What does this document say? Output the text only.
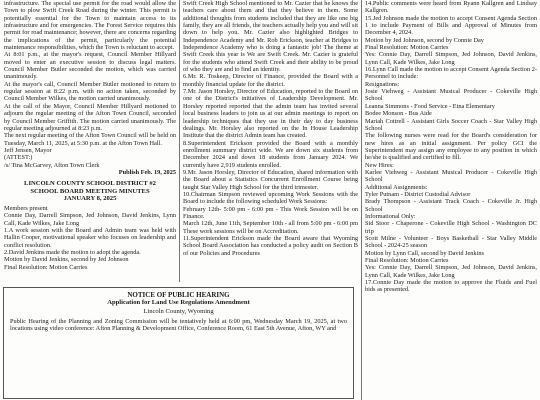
infrastructure. The special use permit for the road would allow the Town to plow Swift Creek Road during the winter. This permit is potentially essential for the Town to maintain access to its infrastructure and for emergencies. The Forest Service requires this permit for road maintenance; however, there are concerns regarding the implications of the permit, particularly the potential maintenance responsibilities, which the Town is reluctant to accept.

At 8:01 p.m., at the mayor's request, Council Member Hillyard moved to enter an executive session to discuss legal matters. Council Member Butler seconded the motion, which was carried unanimously.

At the mayor's call, Council Member Butler motioned to return to regular session at 8:22 p.m. with no action taken, seconded by Council Member Wilkes, the motion carried unanimously.

At the call of the Mayor, Council Member Hillyard motioned to adjourn the regular meeting of the Afton Town Council, seconded by Council Member Griffith. The motion carried unanimously. The regular meeting adjourned at 8:23 p.m.

The next regular meeting of the Afton Town Council will be held on Tuesday, March 11, 2025, at 5:30 p.m. at the Afton Town Hall.

Jeff Jensen, Mayor

(ATTEST:)

/s/ Tina McGarvey, Afton Town Clerk

Publish Feb. 19, 2025

LINCOLN COUNTY SCHOOL DISTRICT #2

SCHOOL BOARD MEETING MINUTES

JANUARY 8, 2025

Members present

Connie Day, Darrell Simpson, Jed Johnson, David Jenkins, Lynn Call, Kade Wilkes, Jake Long

1.A work session with the Board and Admin team was held with Hallin Cooper, motivational speaker who focuses on leadership and conflict resolution.

2.David Jenkins made the motion to adopt the agenda.

Motion by David Jenkins, second by Jed Johnson

Final Resolution: Motion Carries

Swift Creek High School mentioned to Mr. Cazier that he knows the teachers care about them and that they believe in them. Some additional thoughts from students included that they are like one big family, they are all friends, the teachers actually help you and will sit down to help you. Mr. Cazier also highlighted Bridges to Independence Academy and Mr. Rob Erickson, teacher at Bridges to Independence Academy who is doing a fantastic job! The theme at Swift Creek this year is We are Swift Creek. Mr. Cazier is grateful for the students who attend Swift Creek and their ability to be proud of who they are and to find an identity.

6.Mr. R. Toskeep, Director of Finance, provided the Board with a monthly financial update for the district.

7.Mr. Jason Horsley, Director of Education, reported to the Board on one of the District's initiatives of Leadership Development. Mr. Horsley reported reported that the admin team has invited several local business leaders to join us at our admin meetings to report on leadership techniques that they use in their day to day business dealings. Mr. Horsley also reported on the In House Leadership Institute that the district Admin team has created.

8.Superintendent Erickson provided the Board with a monthly enrollment summary district wide. We are down six students from December 2024 and down 18 students from January 2024. We currently have 2,919 students enrolled.

9.Mr. Jason Horsley, Director of Education, shared information with the Board about a Statistics Concurrent Enrollment Course being taught Star Valley High School for the third trimester.

10.Chairman Simpson reviewed upcoming Work Sessions with the Board to include the following scheduled Work Sessions:

February 12th- 5:00 pm - 6:00 pm - This Work Session will be on Finance.

March 12th, June 11th, September 10th - all from 5:00 pm - 6:00 pm These work sessions will be on Accreditation.

11.Superintendent Erickson made the Board aware that Wyoming School Board Association has conducted a policy audit on Section B of our Policies and Procedures

14.Public comments were heard from Ryann Kallgren and Lindsay Kallgren.

15.Jed Johnson made the motion to accept Consent Agenda Section 1 to include Payment of Bills and Approval of Minutes from December 4, 2024.

Motion by Jed Johnson, second by Connie Day

Final Resolution: Motion Carries

Yes: Connie Day, Darrell Simpson, Jed Johnson, David Jenkins, Lynn Call, Kade Wilkes, Jake Long

16.Lynn Call made the motion to accept Consent Agenda Section 2- Personnel to include:

Resignations:

Josie Viehweg - Assistant Musical Producer - Cokeville High School

Leanna Simmons - Food Service - Etna Elementary

Bodee Monson - Bus Aide

Mariah Cottrell - Assistant Girls Soccer Coach - Star Valley High School

The following nurses were read for the Board's consideration for new hires as an initial assignment. Per policy GCI the Superintendent may assign any employee to any position in which he/she is qualified and certified to fill.

New Hires:

Karlee Viehweg - Assistant Musical Producer - Cokeville High School

Additional Assignments:

Tyler Putnam - District Custodial Advisor

Brady Thompson - Assistant Track Coach - Cokeville Jr. High School

Informational Only:

Sid Stoor - Chaperone - Cokeville High School - Washington DC trip

Scott Milne - Volunteer - Boys Basketball - Star Valley Middle School - 2024-25 season

Motion by Lynn Call, second by David Jenkins

Final Resolution: Motion Carries

Yes: Connie Day, Darrell Simpson, Jed Johnson, David Jenkins, Lynn Call, Kade Wilkes, Jake Long

17.Connie Day made the motion to approve the Fluids and Fuel bids as presented.

NOTICE OF PUBLIC HEARING
Application for Land Use Regulations Amendment
Lincoln County, Wyoming
Public Hearing of the Planning and Zoning Commission will be tentatively held at 6:00 pm, Wednesday March 19, 2025, at two locations using video conference: Afton Planning & Development Office, Conference Room, 61 East 5th Avenue, Afton, WY and
